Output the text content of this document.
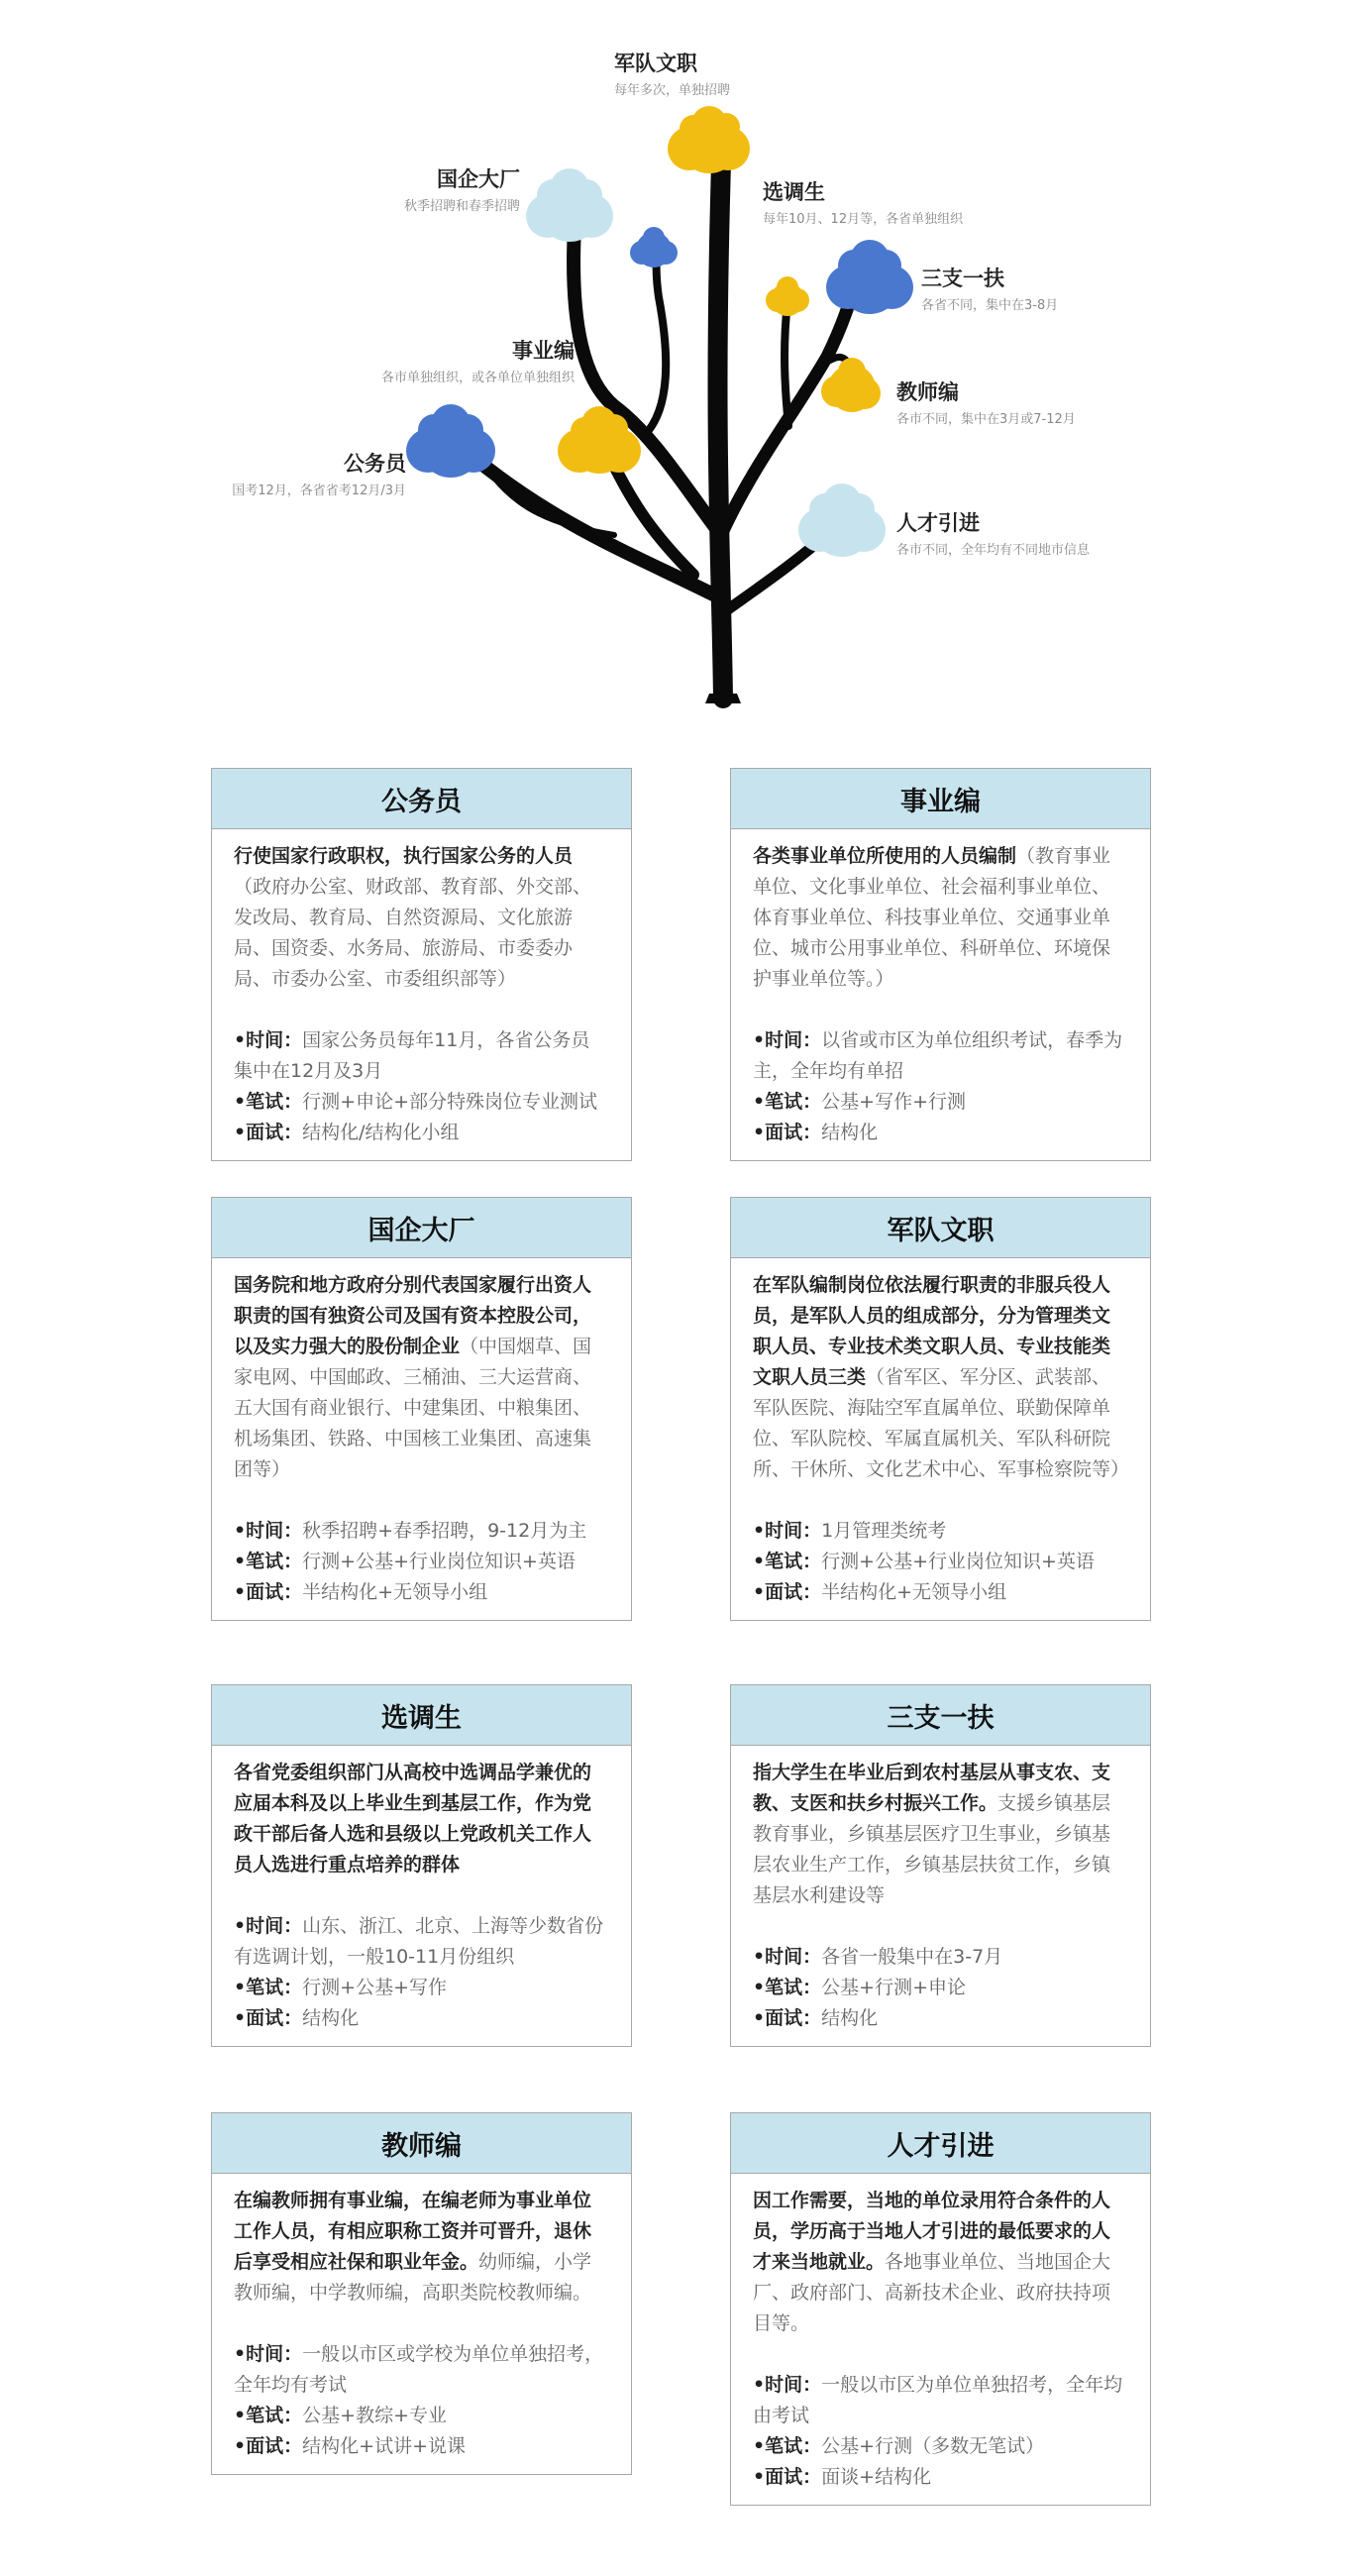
军队文职
每年多次，单独招聘
国企大厂
秋季招聘和春季招聘
选调生
每年10月、12月等，各省单独组织
三支一扶
各省不同，集中在3-8月
事业编
各市单独组织，或各单位单独组织
教师编
各市不同，集中在3月或7-12月
公务员
国考12月，各省省考12月/3月
人才引进
各市不同，全年均有不同地市信息
公务员
行使国家行政职权，执行国家公务的人员（政府办公室、财政部、教育部、外交部、发改局、教育局、自然资源局、文化旅游局、国资委、水务局、旅游局、市委委办局、市委办公室、市委组织部等）
•时间：国家公务员每年11月，各省公务员集中在12月及3月
•笔试：行测+申论+部分特殊岗位专业测试
•面试：结构化/结构化小组
事业编
各类事业单位所使用的人员编制（教育事业单位、文化事业单位、社会福利事业单位、体育事业单位、科技事业单位、交通事业单位、城市公用事业单位、科研单位、环境保护事业单位等。）
•时间：以省或市区为单位组织考试，春季为主，全年均有单招
•笔试：公基+写作+行测
•面试：结构化
国企大厂
国务院和地方政府分别代表国家履行出资人职责的国有独资公司及国有资本控股公司，以及实力强大的股份制企业（中国烟草、国家电网、中国邮政、三桶油、三大运营商、五大国有商业银行、中建集团、中粮集团、机场集团、铁路、中国核工业集团、高速集团等）
•时间：秋季招聘+春季招聘，9-12月为主
•笔试：行测+公基+行业岗位知识+英语
•面试：半结构化+无领导小组
军队文职
在军队编制岗位依法履行职责的非服兵役人员，是军队人员的组成部分，分为管理类文职人员、专业技术类文职人员、专业技能类文职人员三类（省军区、军分区、武装部、军队医院、海陆空军直属单位、联勤保障单位、军队院校、军属直属机关、军队科研院所、干休所、文化艺术中心、军事检察院等）
•时间：1月管理类统考
•笔试：行测+公基+行业岗位知识+英语
•面试：半结构化+无领导小组
选调生
各省党委组织部门从高校中选调品学兼优的应届本科及以上毕业生到基层工作，作为党政干部后备人选和县级以上党政机关工作人员人选进行重点培养的群体
•时间：山东、浙江、北京、上海等少数省份有选调计划，一般10-11月份组织
•笔试：行测+公基+写作
•面试：结构化
三支一扶
指大学生在毕业后到农村基层从事支农、支教、支医和扶乡村振兴工作。支援乡镇基层教育事业，乡镇基层医疗卫生事业，乡镇基层农业生产工作，乡镇基层扶贫工作，乡镇基层水利建设等
•时间：各省一般集中在3-7月
•笔试：公基+行测+申论
•面试：结构化
教师编
在编教师拥有事业编，在编老师为事业单位工作人员，有相应职称工资并可晋升，退休后享受相应社保和职业年金。幼师编，小学教师编，中学教师编，高职类院校教师编。
•时间：一般以市区或学校为单位单独招考，全年均有考试
•笔试：公基+教综+专业
•面试：结构化+试讲+说课
人才引进
因工作需要，当地的单位录用符合条件的人员，学历高于当地人才引进的最低要求的人才来当地就业。各地事业单位、当地国企大厂、政府部门、高新技术企业、政府扶持项目等。
•时间：一般以市区为单位单独招考，全年均由考试
•笔试：公基+行测（多数无笔试）
•面试：面谈+结构化
